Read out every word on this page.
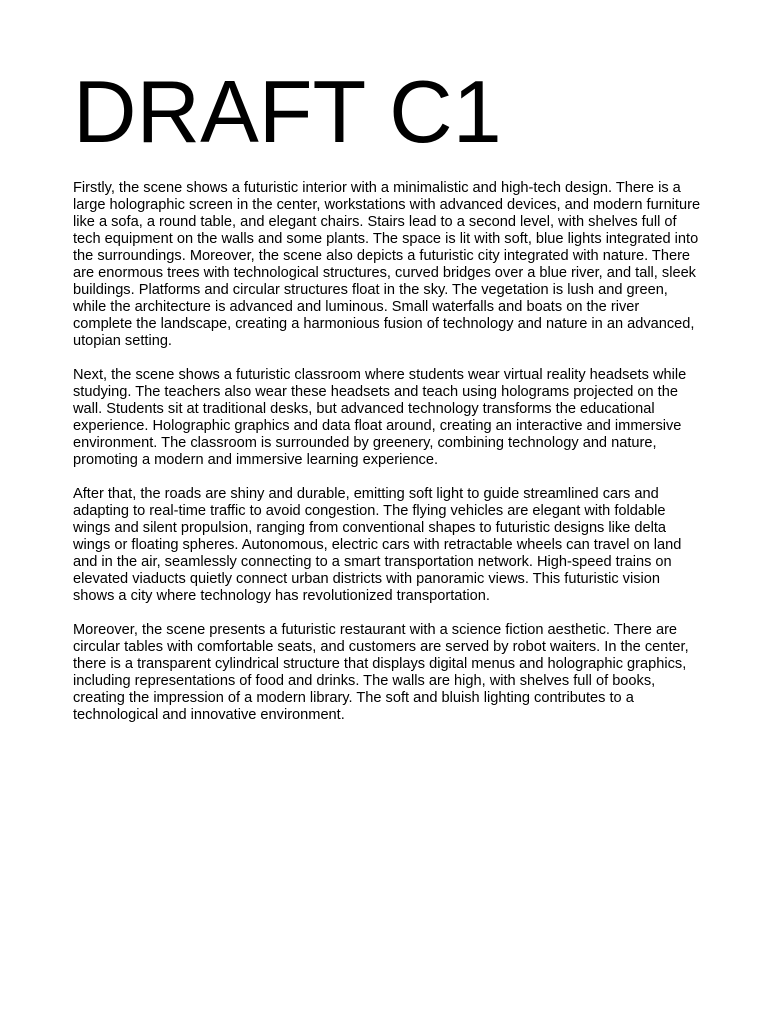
DRAFT C1

Firstly, the scene shows a futuristic interior with a minimalistic and high-tech design. There is a large holographic screen in the center, workstations with advanced devices, and modern furniture like a sofa, a round table, and elegant chairs. Stairs lead to a second level, with shelves full of tech equipment on the walls and some plants. The space is lit with soft, blue lights integrated into the surroundings. Moreover, the scene also depicts a futuristic city integrated with nature. There are enormous trees with technological structures, curved bridges over a blue river, and tall, sleek buildings. Platforms and circular structures float in the sky. The vegetation is lush and green, while the architecture is advanced and luminous. Small waterfalls and boats on the river complete the landscape, creating a harmonious fusion of technology and nature in an advanced, utopian setting.

Next, the scene shows a futuristic classroom where students wear virtual reality headsets while studying. The teachers also wear these headsets and teach using holograms projected on the wall. Students sit at traditional desks, but advanced technology transforms the educational experience. Holographic graphics and data float around, creating an interactive and immersive environment. The classroom is surrounded by greenery, combining technology and nature, promoting a modern and immersive learning experience.

After that, the roads are shiny and durable, emitting soft light to guide streamlined cars and adapting to real-time traffic to avoid congestion. The flying vehicles are elegant with foldable wings and silent propulsion, ranging from conventional shapes to futuristic designs like delta wings or floating spheres. Autonomous, electric cars with retractable wheels can travel on land and in the air, seamlessly connecting to a smart transportation network. High-speed trains on elevated viaducts quietly connect urban districts with panoramic views. This futuristic vision shows a city where technology has revolutionized transportation.

Moreover, the scene presents a futuristic restaurant with a science fiction aesthetic. There are circular tables with comfortable seats, and customers are served by robot waiters. In the center, there is a transparent cylindrical structure that displays digital menus and holographic graphics, including representations of food and drinks. The walls are high, with shelves full of books, creating the impression of a modern library. The soft and bluish lighting contributes to a technological and innovative environment.
